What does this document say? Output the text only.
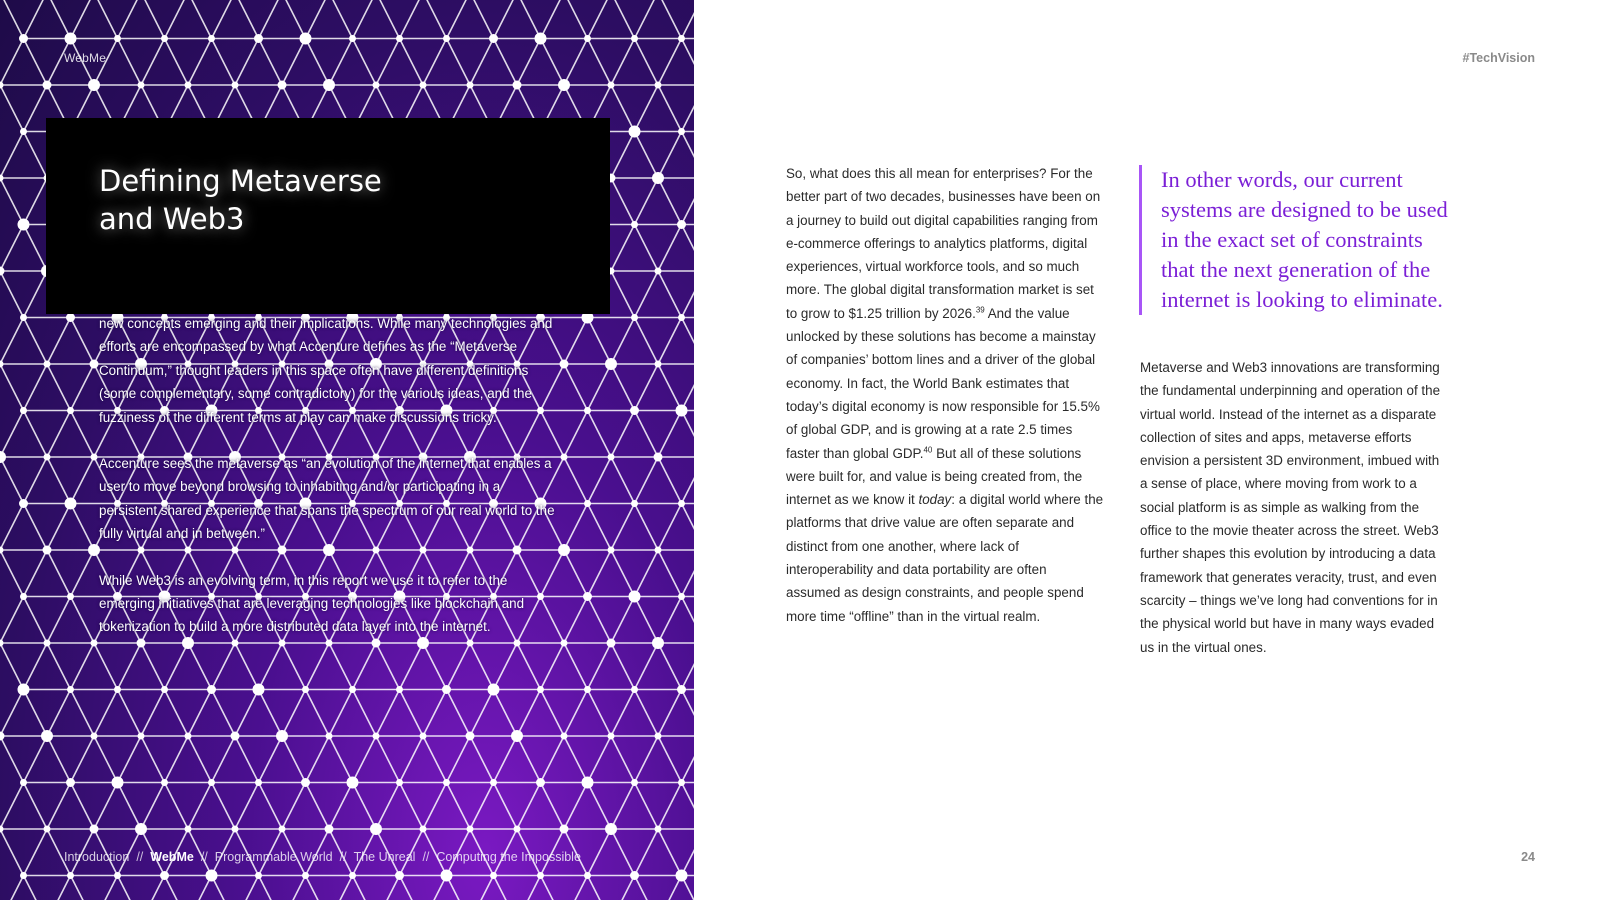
WebMe
Defining Metaverse
and Web3

new concepts emerging and their implications. While many technologies and efforts are encompassed by what Accenture defines as the “Metaverse Continuum,” thought leaders in this space often have different definitions (some complementary, some contradictory) for the various ideas, and the fuzziness of the different terms at play can make discussions tricky.

Accenture sees the metaverse as “an evolution of the internet that enables a user to move beyond browsing to inhabiting and/or participating in a persistent shared experience that spans the spectrum of our real world to the fully virtual and in between.”

While Web3 is an evolving term, in this report we use it to refer to the emerging initiatives that are leveraging technologies like blockchain and tokenization to build a more distributed data layer into the internet.

Introduction // WebMe // Programmable World // The Unreal // Computing the Impossible
#TechVision

So, what does this all mean for enterprises? For the better part of two decades, businesses have been on a journey to build out digital capabilities ranging from e-commerce offerings to analytics platforms, digital experiences, virtual workforce tools, and so much more. The global digital transformation market is set to grow to $1.25 trillion by 2026.39 And the value unlocked by these solutions has become a mainstay of companies’ bottom lines and a driver of the global economy. In fact, the World Bank estimates that today’s digital economy is now responsible for 15.5% of global GDP, and is growing at a rate 2.5 times faster than global GDP.$^{40}$ But all of these solutions were built for, and value is being created from, the internet as we know it today: a digital world where the platforms that drive value are often separate and distinct from one another, where lack of interoperability and data portability are often assumed as design constraints, and people spend more time “offline” than in the virtual realm.

In other words, our current systems are designed to be used in the exact set of constraints that the next generation of the internet is looking to eliminate.

Metaverse and Web3 innovations are transforming the fundamental underpinning and operation of the virtual world. Instead of the internet as a disparate collection of sites and apps, metaverse efforts envision a persistent 3D environment, imbued with a sense of place, where moving from work to a social platform is as simple as walking from the office to the movie theater across the street. Web3 further shapes this evolution by introducing a data framework that generates veracity, trust, and even scarcity – things we’ve long had conventions for in the physical world but have in many ways evaded us in the virtual ones.

24
